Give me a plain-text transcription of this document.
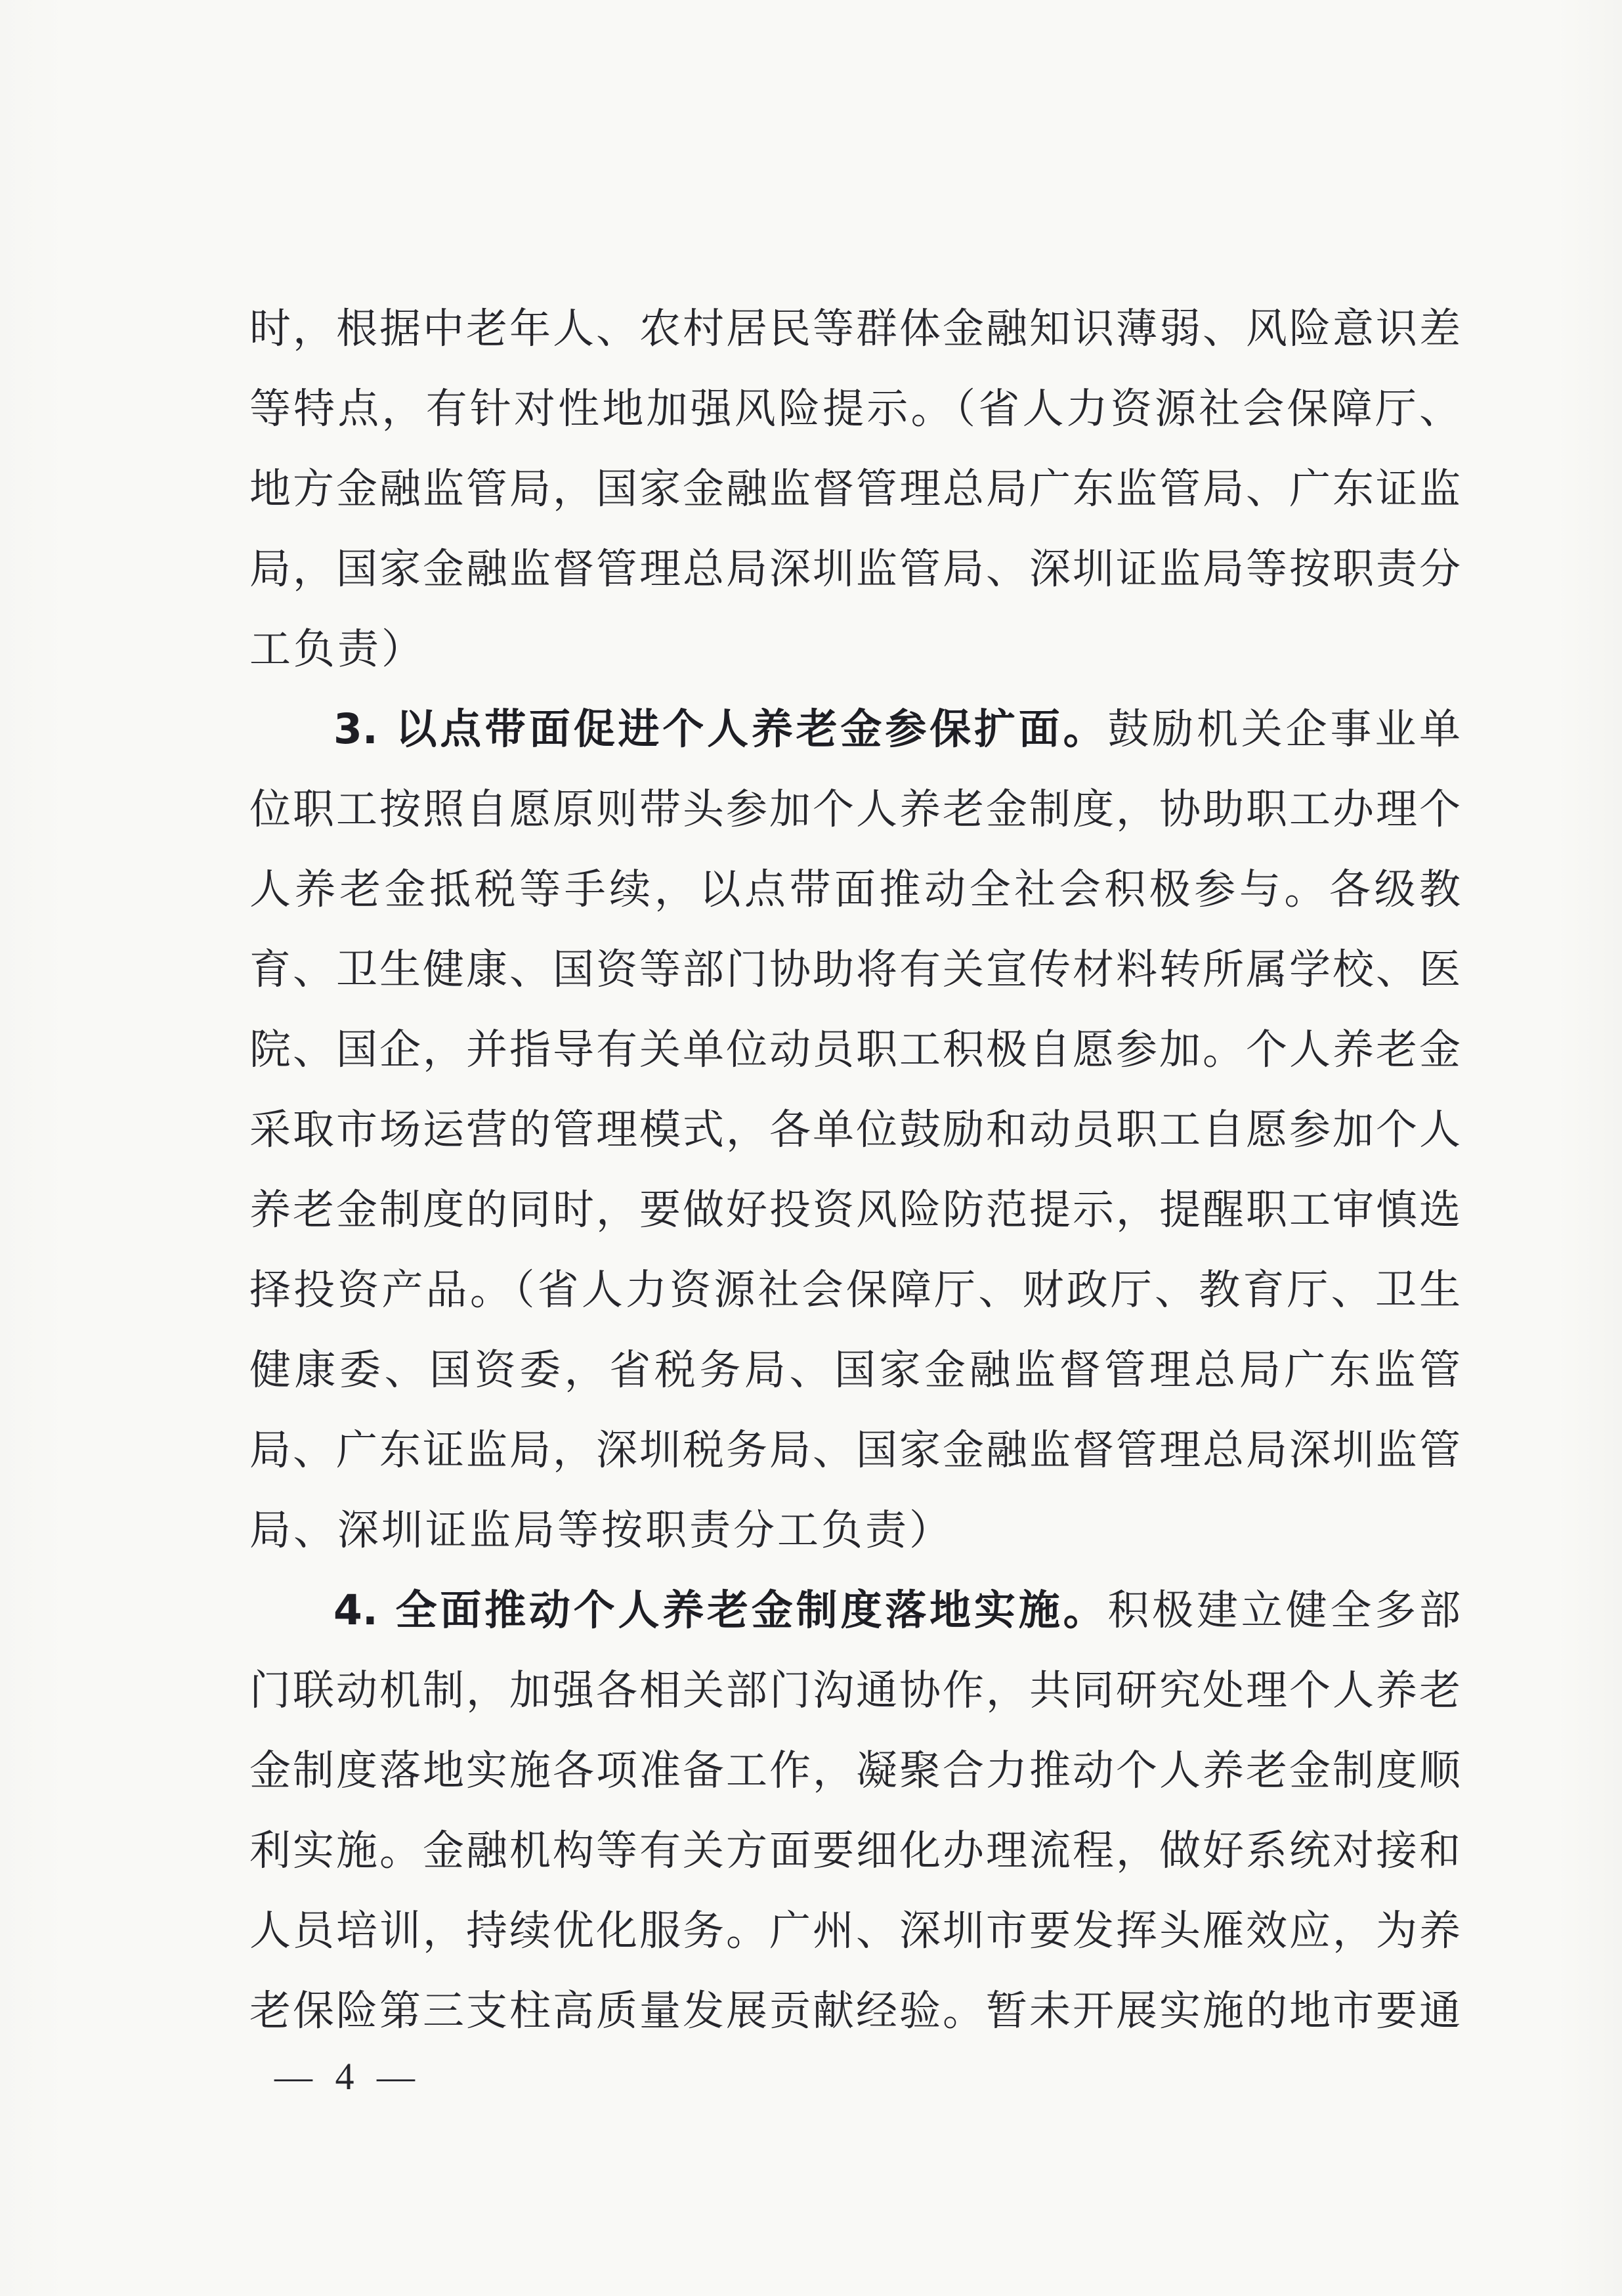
时，根据中老年人、农村居民等群体金融知识薄弱、风险意识差
等特点，有针对性地加强风险提示。（省人力资源社会保障厅、
地方金融监管局，国家金融监督管理总局广东监管局、广东证监
局，国家金融监督管理总局深圳监管局、深圳证监局等按职责分
工负责）
3. 以点带面促进个人养老金参保扩面。鼓励机关企事业单
位职工按照自愿原则带头参加个人养老金制度，协助职工办理个
人养老金抵税等手续，以点带面推动全社会积极参与。各级教
育、卫生健康、国资等部门协助将有关宣传材料转所属学校、医
院、国企，并指导有关单位动员职工积极自愿参加。个人养老金
采取市场运营的管理模式，各单位鼓励和动员职工自愿参加个人
养老金制度的同时，要做好投资风险防范提示，提醒职工审慎选
择投资产品。（省人力资源社会保障厅、财政厅、教育厅、卫生
健康委、国资委，省税务局、国家金融监督管理总局广东监管
局、广东证监局，深圳税务局、国家金融监督管理总局深圳监管
局、深圳证监局等按职责分工负责）
4. 全面推动个人养老金制度落地实施。积极建立健全多部
门联动机制，加强各相关部门沟通协作，共同研究处理个人养老
金制度落地实施各项准备工作，凝聚合力推动个人养老金制度顺
利实施。金融机构等有关方面要细化办理流程，做好系统对接和
人员培训，持续优化服务。广州、深圳市要发挥头雁效应，为养
老保险第三支柱高质量发展贡献经验。暂未开展实施的地市要通
— 4 —
